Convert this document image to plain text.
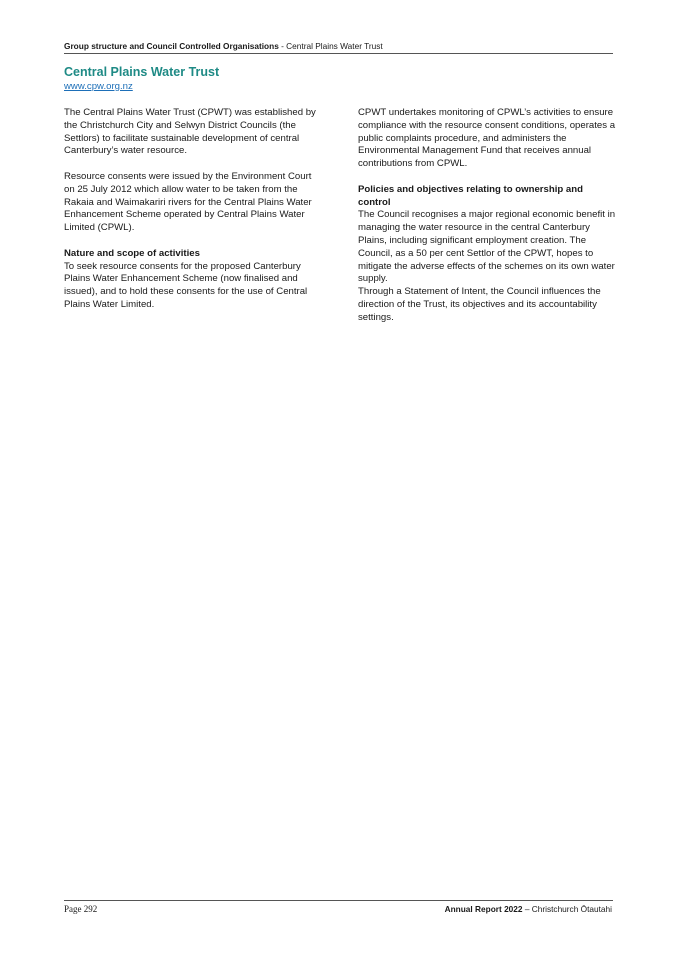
Group structure and Council Controlled Organisations - Central Plains Water Trust
Central Plains Water Trust
www.cpw.org.nz

The Central Plains Water Trust (CPWT) was established by the Christchurch City and Selwyn District Councils (the Settlors) to facilitate sustainable development of central Canterbury’s water resource.

Resource consents were issued by the Environment Court on 25 July 2012 which allow water to be taken from the Rakaia and Waimakariri rivers for the Central Plains Water Enhancement Scheme operated by Central Plains Water Limited (CPWL).

Nature and scope of activities

To seek resource consents for the proposed Canterbury Plains Water Enhancement Scheme (now finalised and issued), and to hold these consents for the use of Central Plains Water Limited.

CPWT undertakes monitoring of CPWL’s activities to ensure compliance with the resource consent conditions, operates a public complaints procedure, and administers the Environmental Management Fund that receives annual contributions from CPWL.

Policies and objectives relating to ownership and control

The Council recognises a major regional economic benefit in managing the water resource in the central Canterbury Plains, including significant employment creation. The Council, as a 50 per cent Settlor of the CPWT, hopes to mitigate the adverse effects of the schemes on its own water supply.

Through a Statement of Intent, the Council influences the direction of the Trust, its objectives and its accountability settings.

Page 292	Annual Report 2022 – Christchurch Ōtautahi
